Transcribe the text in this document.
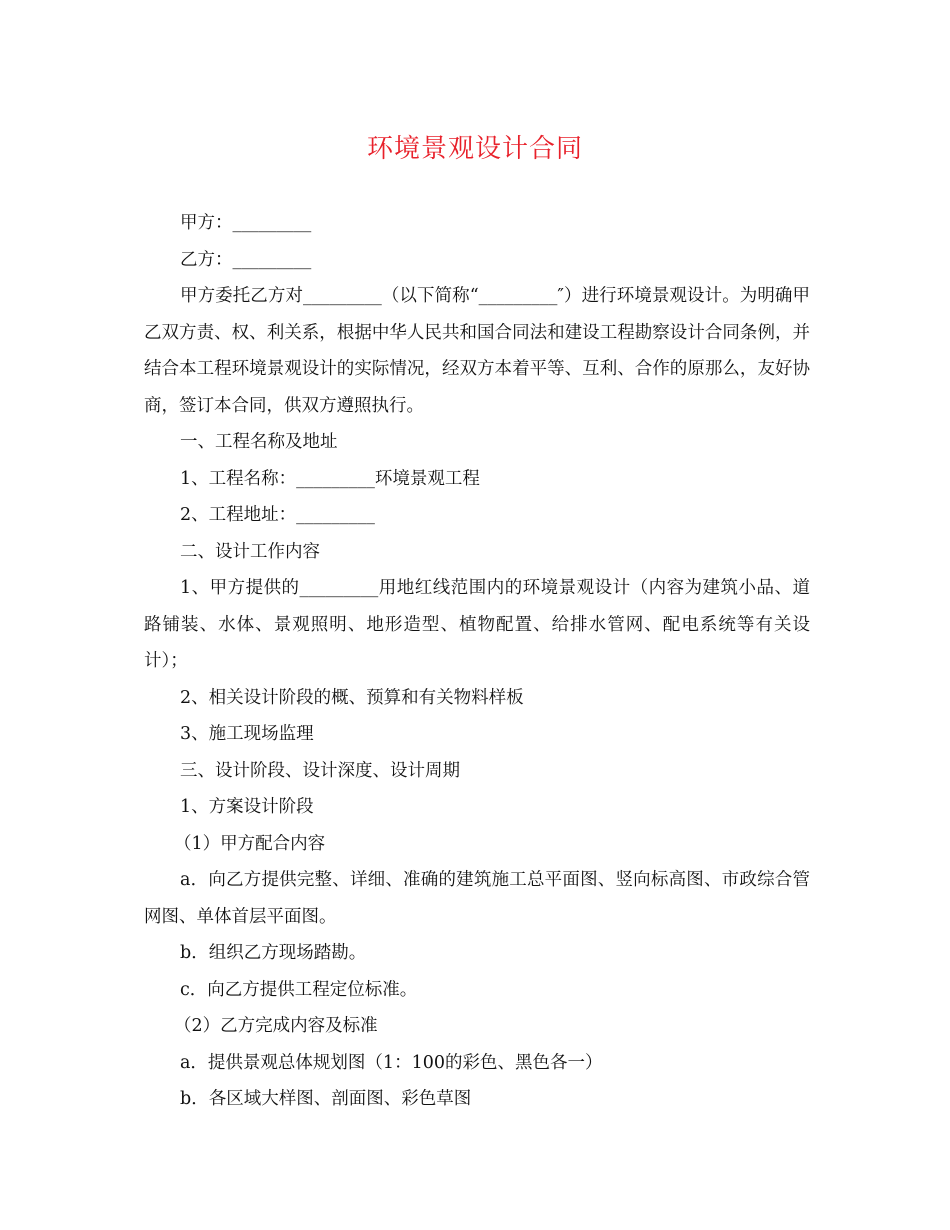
环境景观设计合同

甲方：_________

乙方：_________

甲方委托乙方对_________（以下简称“_________″）进行环境景观设计。为明确甲乙双方责、权、利关系，根据中华人民共和国合同法和建设工程勘察设计合同条例，并结合本工程环境景观设计的实际情况，经双方本着平等、互利、合作的原那么，友好协商，签订本合同，供双方遵照执行。

一、工程名称及地址

1、工程名称：_________环境景观工程

2、工程地址：_________

二、设计工作内容

1、甲方提供的_________用地红线范围内的环境景观设计（内容为建筑小品、道路铺装、水体、景观照明、地形造型、植物配置、给排水管网、配电系统等有关设计）；

2、相关设计阶段的概、预算和有关物料样板

3、施工现场监理

三、设计阶段、设计深度、设计周期

1、方案设计阶段

（1）甲方配合内容

a．向乙方提供完整、详细、准确的建筑施工总平面图、竖向标高图、市政综合管网图、单体首层平面图。

b．组织乙方现场踏勘。

c．向乙方提供工程定位标准。

（2）乙方完成内容及标准

a．提供景观总体规划图（1：100的彩色、黑色各一）

b．各区域大样图、剖面图、彩色草图
